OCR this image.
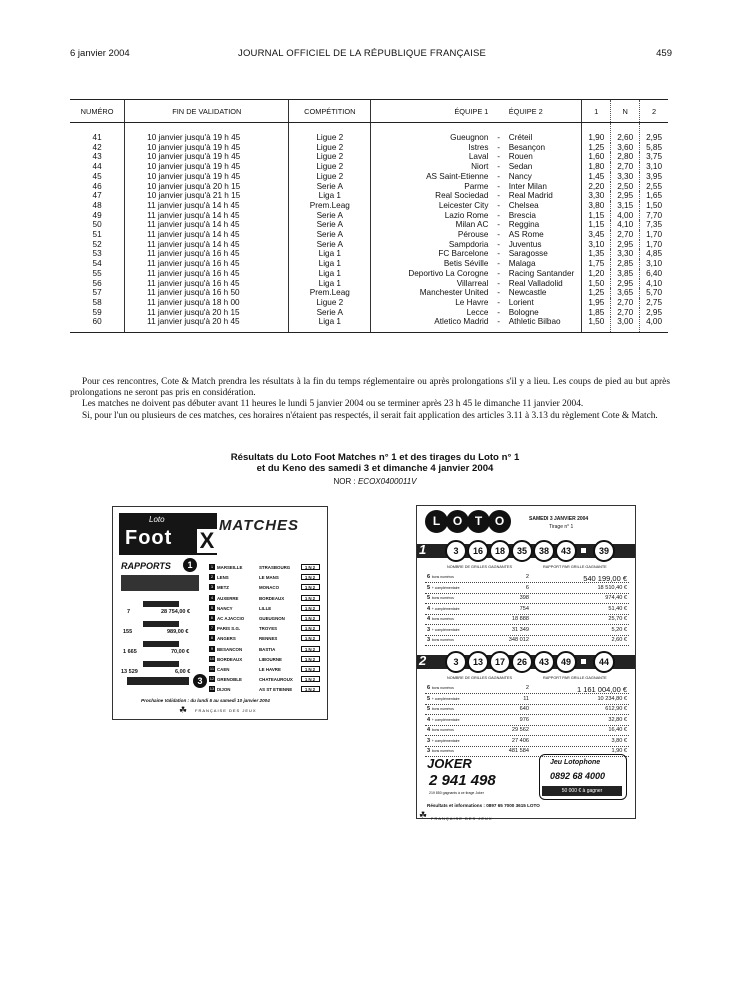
6 janvier 2004	JOURNAL OFFICIEL DE LA RÉPUBLIQUE FRANÇAISE	459
NUMÉRO	FIN DE VALIDATION	COMPÉTITION	ÉQUIPE 1		ÉQUIPE 2	1	N	2
41	10 janvier jusqu'à 19 h 45	Ligue 2	Gueugnon	-	Créteil	1,90	2,60	2,95
42	10 janvier jusqu'à 19 h 45	Ligue 2	Istres	-	Besançon	1,25	3,60	5,85
43	10 janvier jusqu'à 19 h 45	Ligue 2	Laval	-	Rouen	1,60	2,80	3,75
44	10 janvier jusqu'à 19 h 45	Ligue 2	Niort	-	Sedan	1,80	2,70	3,10
45	10 janvier jusqu'à 19 h 45	Ligue 2	AS Saint-Etienne	-	Nancy	1,45	3,30	3,95
46	10 janvier jusqu'à 20 h 15	Serie A	Parme	-	Inter Milan	2,20	2,50	2,55
47	10 janvier jusqu'à 21 h 15	Liga 1	Real Sociedad	-	Real Madrid	3,30	2,95	1,65
48	11 janvier jusqu'à 14 h 45	Prem.Leag	Leicester City	-	Chelsea	3,80	3,15	1,50
49	11 janvier jusqu'à 14 h 45	Serie A	Lazio Rome	-	Brescia	1,15	4,00	7,70
50	11 janvier jusqu'à 14 h 45	Serie A	Milan AC	-	Reggina	1,15	4,10	7,35
51	11 janvier jusqu'à 14 h 45	Serie A	Pérouse	-	AS Rome	3,45	2,70	1,70
52	11 janvier jusqu'à 14 h 45	Serie A	Sampdoria	-	Juventus	3,10	2,95	1,70
53	11 janvier jusqu'à 16 h 45	Liga 1	FC Barcelone	-	Saragosse	1,35	3,30	4,85
54	11 janvier jusqu'à 16 h 45	Liga 1	Betis Séville	-	Malaga	1,75	2,85	3,10
55	11 janvier jusqu'à 16 h 45	Liga 1	Deportivo La Corogne	-	Racing Santander	1,20	3,85	6,40
56	11 janvier jusqu'à 16 h 45	Liga 1	Villarreal	-	Real Valladolid	1,50	2,95	4,10
57	11 janvier jusqu'à 16 h 50	Prem.Leag	Manchester United	-	Newcastle	1,25	3,65	5,70
58	11 janvier jusqu'à 18 h 00	Ligue 2	Le Havre	-	Lorient	1,95	2,70	2,75
59	11 janvier jusqu'à 20 h 15	Serie A	Lecce	-	Bologne	1,85	2,70	2,95
60	11 janvier jusqu'à 20 h 45	Liga 1	Atletico Madrid	-	Athletic Bilbao	1,50	3,00	4,00

Pour ces rencontres, Cote & Match prendra les résultats à la fin du temps réglementaire ou après prolongations s'il y a lieu. Les coups de pied au but après prolongations ne seront pas pris en considération.

Les matches ne doivent pas débuter avant 11 heures le lundi 5 janvier 2004 ou se terminer après 23 h 45 le dimanche 11 janvier 2004.

Si, pour l'un ou plusieurs de ces matches, ces horaires n'étaient pas respectés, il serait fait application des articles 3.11 à 3.13 du règlement Cote & Match.

Résultats du Loto Foot Matches n° 1 et des tirages du Loto n° 1
et du Keno des samedi 3 et dimanche 4 janvier 2004
NOR : ECOX0400011V
Loto
Foot X
MATCHES
RAPPORTS	1
7	28 754,00 €
155	989,00 €
1 665	70,00 €
13 529	6,00 €
3
1 MARSEILLE	STRASBOURG	1N2
2 LENS	LE MANS	1N2
3 METZ	MONACO	1N2
4 AUXERRE	BORDEAUX	1N2
5 NANCY	LILLE	1N2
6 AC AJACCIO	GUEUGNON	1N2
7 PARIS S.G.	TROYES	1N2
8 ANGERS	RENNES	1N2
9 BESANCON	BASTIA	1N2
10 BORDEAUX	LIBOURNE	1N2
11 CAEN	LE HAVRE	1N2
12 GRENOBLE	CHATEAUROUX	1N2
13 DIJON	AS ST ETIENNE	1N2
Prochaine Validation : du lundi 5 au samedi 10 janvier 2004
☘ FRANÇAISE DES JEUX
L O T O	SAMEDI 3 JANVIER 2004
Tirage n° 1
1	3	16	18	35	38	43	39
NOMBRE DE GRILLES GAGNANTES	RAPPORT PAR GRILLE GAGNANTE
6 bons numéros	2	540 199,00 €
5 + complémentaire	6	18 510,40 €
5 bons numéros	398	974,40 €
4 + complémentaire	754	51,40 €
4 bons numéros	18 888	25,70 €
3 + complémentaire	31 349	5,20 €
3 bons numéros	348 012	2,60 €
2	3	13	17	26	43	49	44
NOMBRE DE GRILLES GAGNANTES	RAPPORT PAR GRILLE GAGNANTE
6 bons numéros	2	1 161 004,00 €
5 + complémentaire	11	10 234,80 €
5 bons numéros	640	612,90 €
4 + complémentaire	976	32,80 €
4 bons numéros	29 562	16,40 €
3 + complémentaire	27 406	3,80 €
3 bons numéros	481 584	1,90 €
JOKER
2 941 498
219 850 gagnants à ce tirage Joker
Jeu Lotophone
0892 68 4000
50 000 € à gagner
Résultats et informations : 0897 65 7000 3615 LOTO
☘ FRANÇAISE DES JEUX
